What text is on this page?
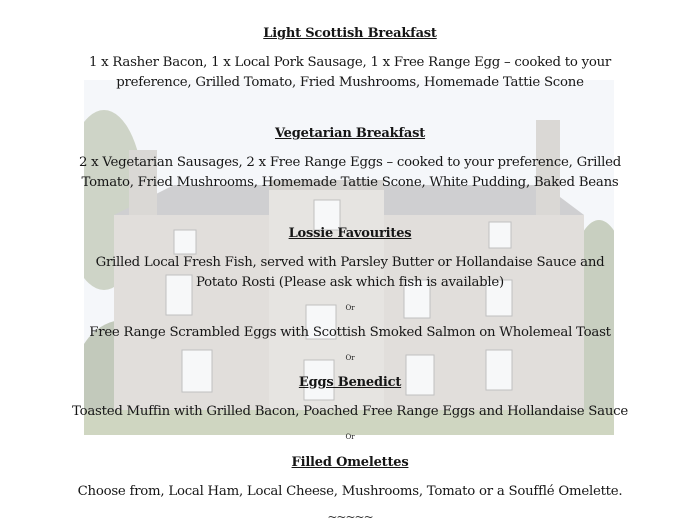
Light Scottish Breakfast
1 x Rasher Bacon, 1 x Local Pork Sausage, 1 x Free Range Egg – cooked to your
preference, Grilled Tomato, Fried Mushrooms, Homemade Tattie Scone
Vegetarian Breakfast
2 x Vegetarian Sausages, 2 x Free Range Eggs – cooked to your preference, Grilled
Tomato, Fried Mushrooms, Homemade Tattie Scone, White Pudding, Baked Beans
Lossie Favourites
Grilled Local Fresh Fish, served with Parsley Butter or Hollandaise Sauce and
Potato Rosti (Please ask which fish is available)
Or
Free Range Scrambled Eggs with Scottish Smoked Salmon on Wholemeal Toast
Or
Eggs Benedict
Toasted Muffin with Grilled Bacon, Poached Free Range Eggs and Hollandaise Sauce
Or
Filled Omelettes
Choose from, Local Ham, Local Cheese, Mushrooms, Tomato or a Soufflé Omelette.
~~~~~
